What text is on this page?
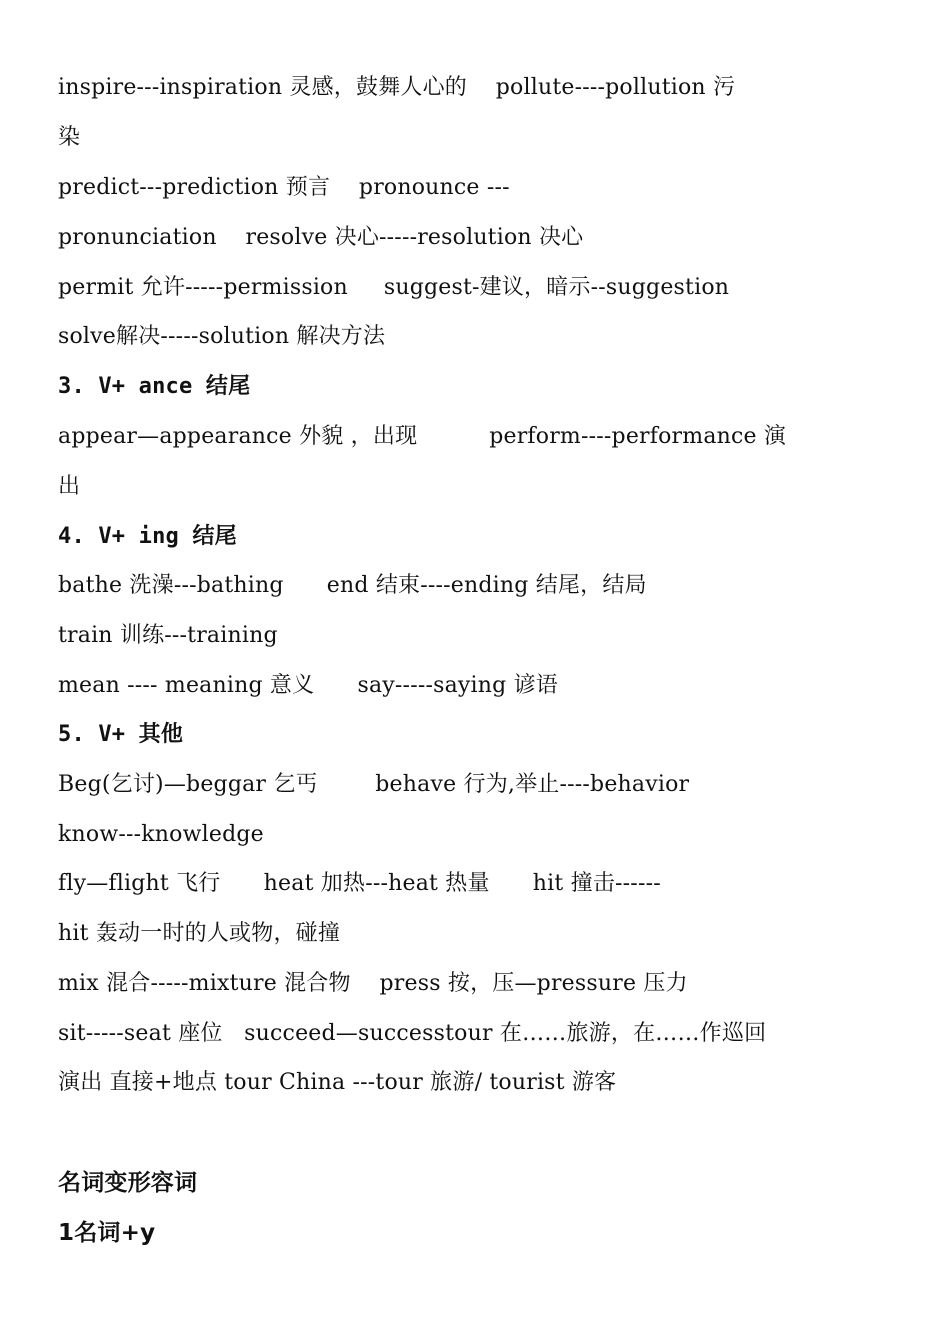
inspire---inspiration 灵感，鼓舞人心的    pollute----pollution 污
染
predict---prediction 预言    pronounce ---
pronunciation    resolve 决心-----resolution 决心
permit 允许-----permission     suggest-建议，暗示--suggestion
solve解决-----solution 解决方法
3. V+ ance 结尾
appear—appearance 外貌 ，出现          perform----performance 演
出
4. V+ ing 结尾
bathe 洗澡---bathing      end 结束----ending 结尾，结局
train 训练---training
mean ---- meaning 意义      say-----saying 谚语
5. V+ 其他
Beg(乞讨)—beggar 乞丐        behave 行为,举止----behavior
know---knowledge
fly—flight 飞行      heat 加热---heat 热量      hit 撞击------
hit 轰动一时的人或物，碰撞
mix 混合-----mixture 混合物    press 按，压—pressure 压力
sit-----seat 座位   succeed—successtour 在……旅游，在……作巡回
演出 直接+地点 tour China ---tour 旅游/ tourist 游客
名词变形容词
1名词+y
